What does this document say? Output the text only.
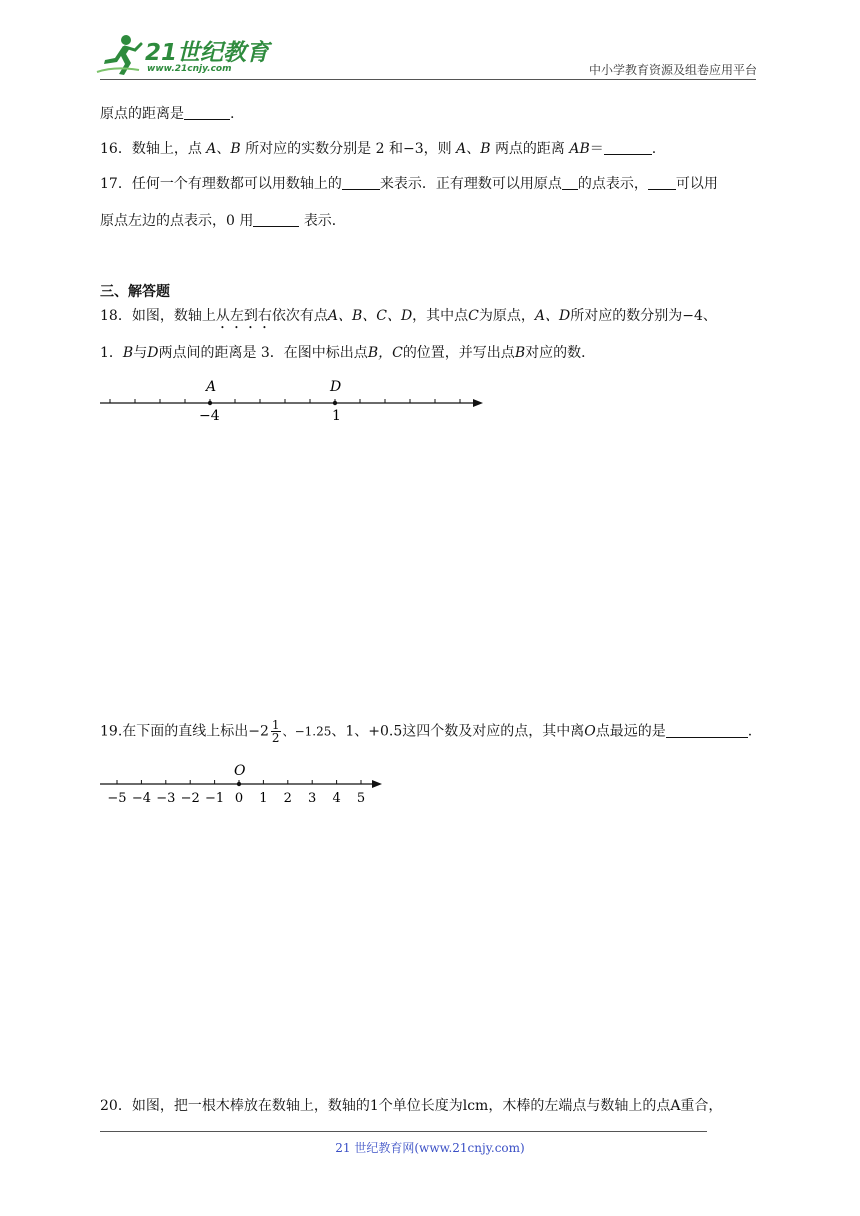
21世纪教育
www.21cnjy.com	中小学教育资源及组卷应用平台
原点的距离是	.
16．数轴上，点 A、B 所对应的实数分别是 2 和−3，则 A、B 两点的距离 AB＝	.
17．任何一个有理数都可以用数轴上的	来表示．正有理数可以用原点 的点表示， 可以用
原点左边的点表示，0 用	表示．
三、解答题
18．如图，数轴上从左到右依次有点A、B、C、D，其中点C为原点，A、D所对应的数分别为−4、
1．B与D两点间的距离是 3．在图中标出点B，C的位置，并写出点B对应的数．
A	D
−4	1
19.在下面的直线上标出$-2 \frac{1}{2}$ 、−1.25、1、+0.5这四个数及对应的点，其中离O点最远的是	.
O
−5 −4 −3 −2 −1 0 1 2 3 4 5
20．如图，把一根木棒放在数轴上，数轴的1个单位长度为lcm，木棒的左端点与数轴上的点A重合，
21 世纪教育网(www.21cnjy.com)
